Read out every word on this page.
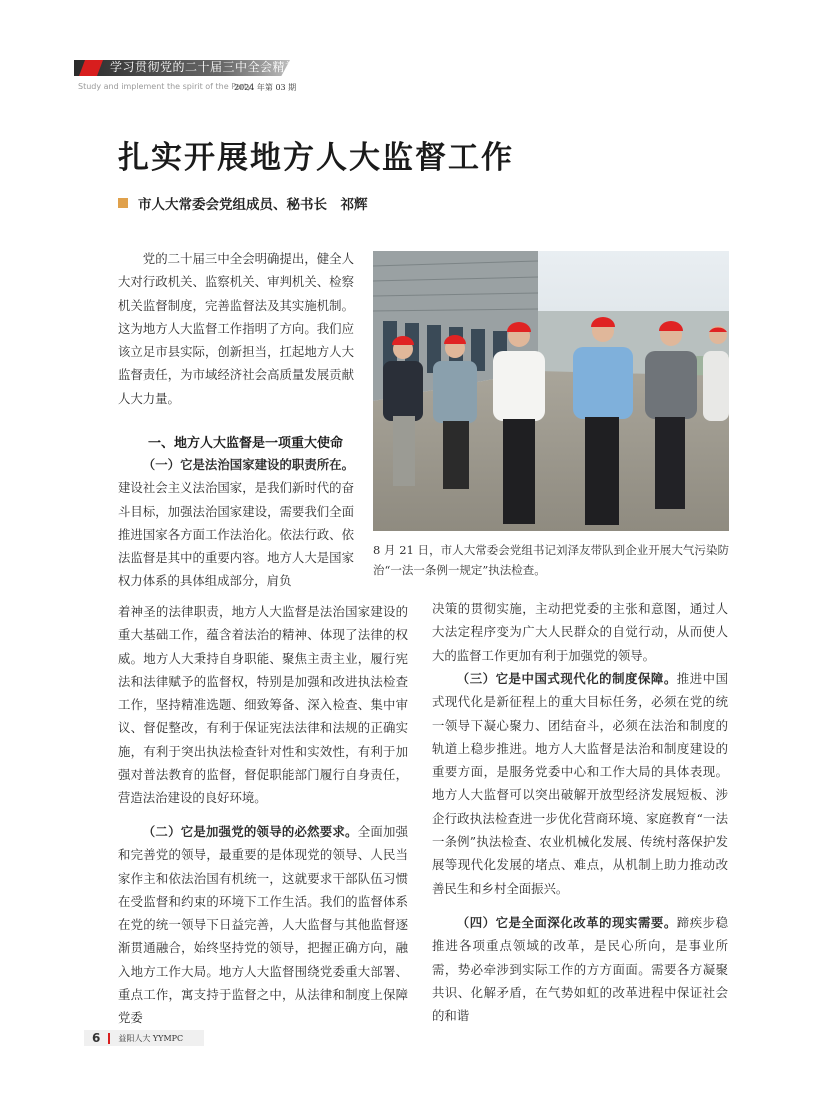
学习贯彻党的二十届三中全会精神
Study and implement the spirit of the Party
2024 年第 03 期
扎实开展地方人大监督工作
市人大常委会党组成员、秘书长　祁辉

党的二十届三中全会明确提出，健全人大对行政机关、监察机关、审判机关、检察机关监督制度，完善监督法及其实施机制。这为地方人大监督工作指明了方向。我们应该立足市县实际，创新担当，扛起地方人大监督责任，为市域经济社会高质量发展贡献人大力量。

一、地方人大监督是一项重大使命

（一）它是法治国家建设的职责所在。建设社会主义法治国家，是我们新时代的奋斗目标，加强法治国家建设，需要我们全面推进国家各方面工作法治化。依法行政、依法监督是其中的重要内容。地方人大是国家权力体系的具体组成部分，肩负

着神圣的法律职责，地方人大监督是法治国家建设的重大基础工作，蕴含着法治的精神、体现了法律的权威。地方人大秉持自身职能、聚焦主责主业，履行宪法和法律赋予的监督权，特别是加强和改进执法检查工作，坚持精准选题、细致筹备、深入检查、集中审议、督促整改，有利于保证宪法法律和法规的正确实施，有利于突出执法检查针对性和实效性，有利于加强对普法教育的监督，督促职能部门履行自身责任，营造法治建设的良好环境。

（二）它是加强党的领导的必然要求。全面加强和完善党的领导，最重要的是体现党的领导、人民当家作主和依法治国有机统一，这就要求干部队伍习惯在受监督和约束的环境下工作生活。我们的监督体系在党的统一领导下日益完善，人大监督与其他监督逐渐贯通融合，始终坚持党的领导，把握正确方向，融入地方工作大局。地方人大监督围绕党委重大部署、重点工作，寓支持于监督之中，从法律和制度上保障党委

8 月 21 日，市人大常委会党组书记刘泽友带队到企业开展大气污染防治“一法一条例一规定”执法检查。

决策的贯彻实施，主动把党委的主张和意图，通过人大法定程序变为广大人民群众的自觉行动，从而使人大的监督工作更加有利于加强党的领导。

（三）它是中国式现代化的制度保障。推进中国式现代化是新征程上的重大目标任务，必须在党的统一领导下凝心聚力、团结奋斗，必须在法治和制度的轨道上稳步推进。地方人大监督是法治和制度建设的重要方面，是服务党委中心和工作大局的具体表现。地方人大监督可以突出破解开放型经济发展短板、涉企行政执法检查进一步优化营商环境、家庭教育“一法一条例”执法检查、农业机械化发展、传统村落保护发展等现代化发展的堵点、难点，从机制上助力推动改善民生和乡村全面振兴。

（四）它是全面深化改革的现实需要。蹄疾步稳推进各项重点领域的改革，是民心所向，是事业所需，势必牵涉到实际工作的方方面面。需要各方凝聚共识、化解矛盾，在气势如虹的改革进程中保证社会的和谐

6 益阳人大 YYMPC
